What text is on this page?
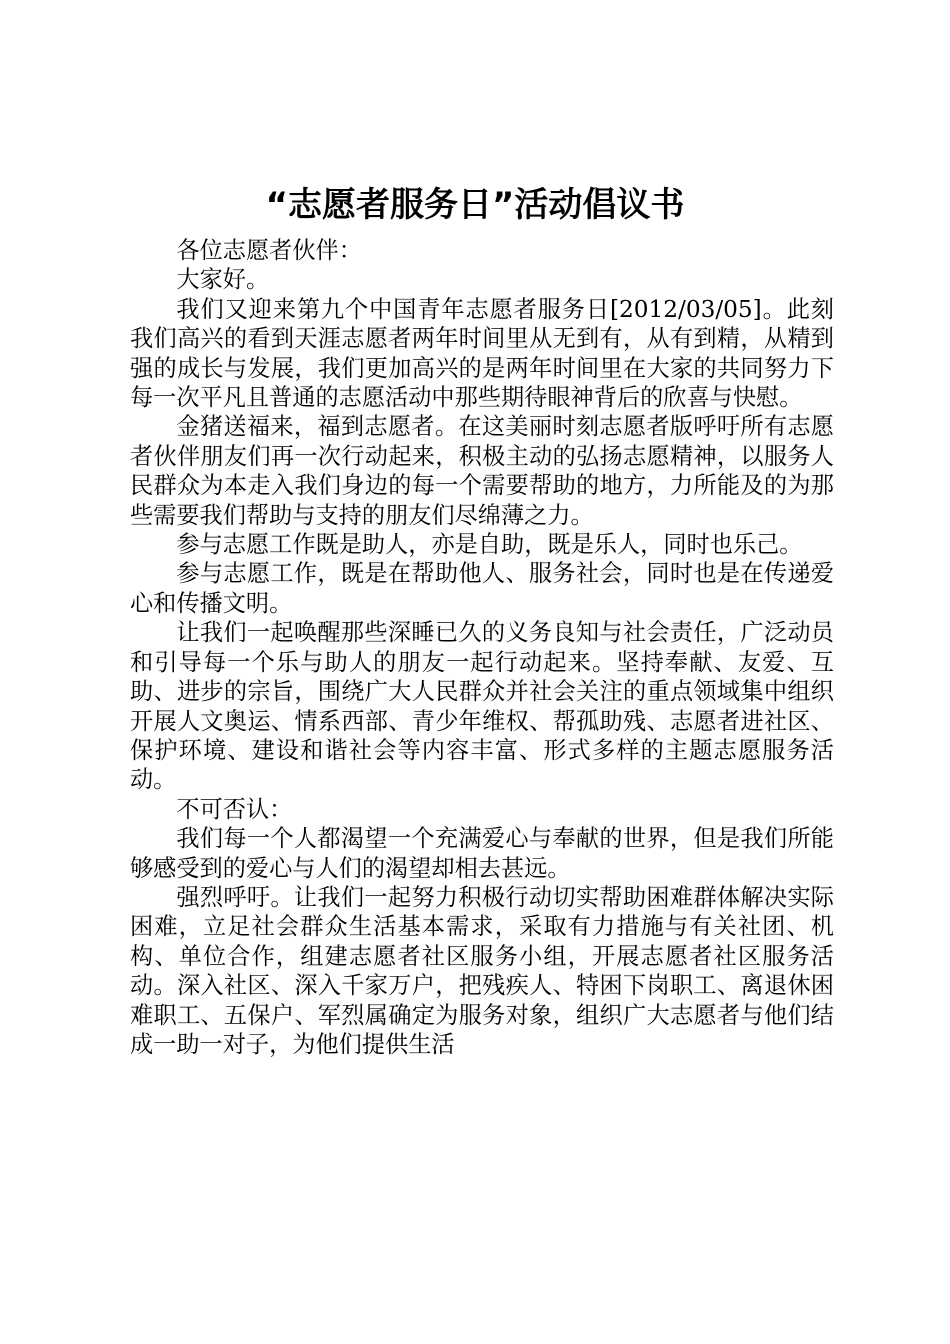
“志愿者服务日”活动倡议书

各位志愿者伙伴：

大家好。

我们又迎来第九个中国青年志愿者服务日[2012/03/05]。此刻我们高兴的看到天涯志愿者两年时间里从无到有，从有到精，从精到强的成长与发展，我们更加高兴的是两年时间里在大家的共同努力下每一次平凡且普通的志愿活动中那些期待眼神背后的欣喜与快慰。

金猪送福来，福到志愿者。在这美丽时刻志愿者版呼吁所有志愿者伙伴朋友们再一次行动起来，积极主动的弘扬志愿精神，以服务人民群众为本走入我们身边的每一个需要帮助的地方，力所能及的为那些需要我们帮助与支持的朋友们尽绵薄之力。

参与志愿工作既是助人，亦是自助，既是乐人，同时也乐己。

参与志愿工作，既是在帮助他人、服务社会，同时也是在传递爱心和传播文明。

让我们一起唤醒那些深睡已久的义务良知与社会责任，广泛动员和引导每一个乐与助人的朋友一起行动起来。坚持奉献、友爱、互助、进步的宗旨，围绕广大人民群众并社会关注的重点领域集中组织开展人文奥运、情系西部、青少年维权、帮孤助残、志愿者进社区、保护环境、建设和谐社会等内容丰富、形式多样的主题志愿服务活动。

不可否认：

我们每一个人都渴望一个充满爱心与奉献的世界，但是我们所能够感受到的爱心与人们的渴望却相去甚远。

强烈呼吁。让我们一起努力积极行动切实帮助困难群体解决实际困难，立足社会群众生活基本需求，采取有力措施与有关社团、机构、单位合作，组建志愿者社区服务小组，开展志愿者社区服务活动。深入社区、深入千家万户，把残疾人、特困下岗职工、离退休困难职工、五保户、军烈属确定为服务对象，组织广大志愿者与他们结成一助一对子，为他们提供生活
